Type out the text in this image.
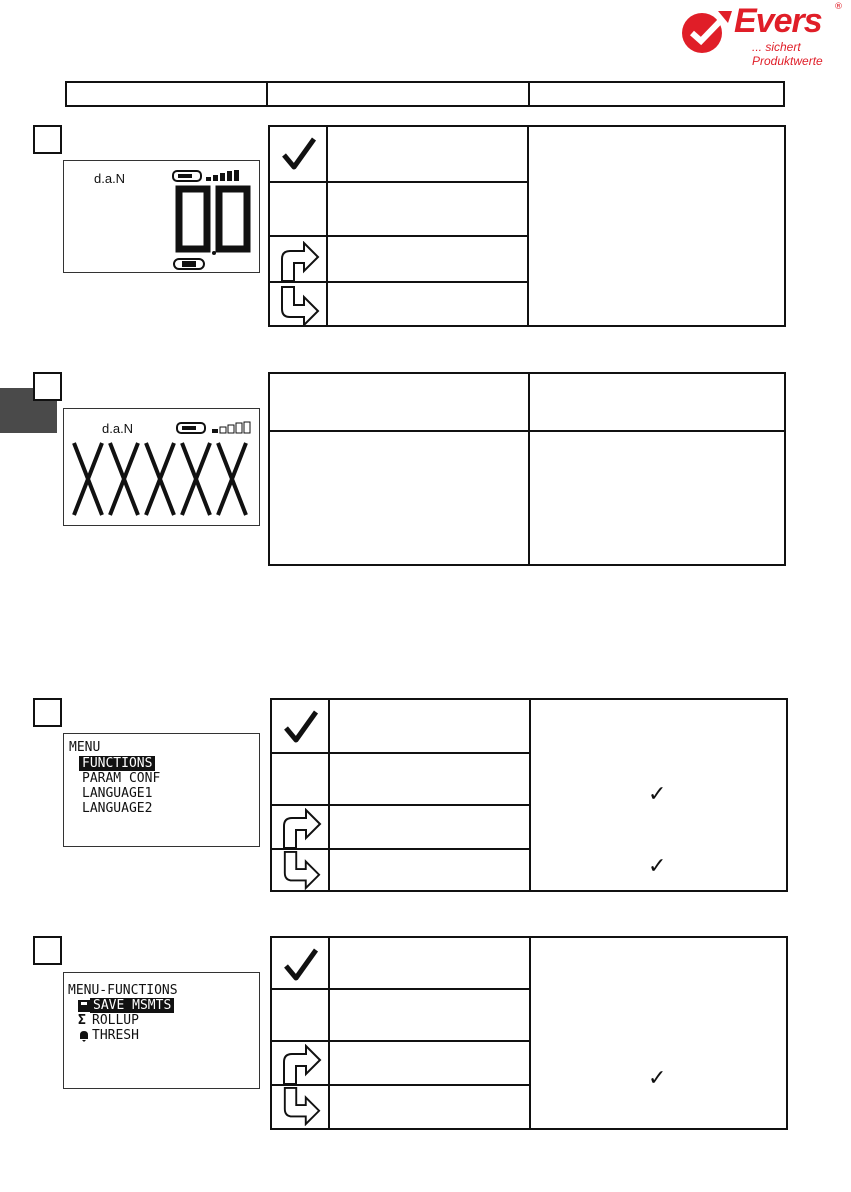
Evers ®
... sichert Produktwerte
d.a.N
d.a.N
MENU
FUNCTIONS
PARAM CONF
LANGUAGE1
LANGUAGE2
✓
✓
MENU-FUNCTIONS
SAVE MSMTS
Σ ROLLUP
THRESH
✓
